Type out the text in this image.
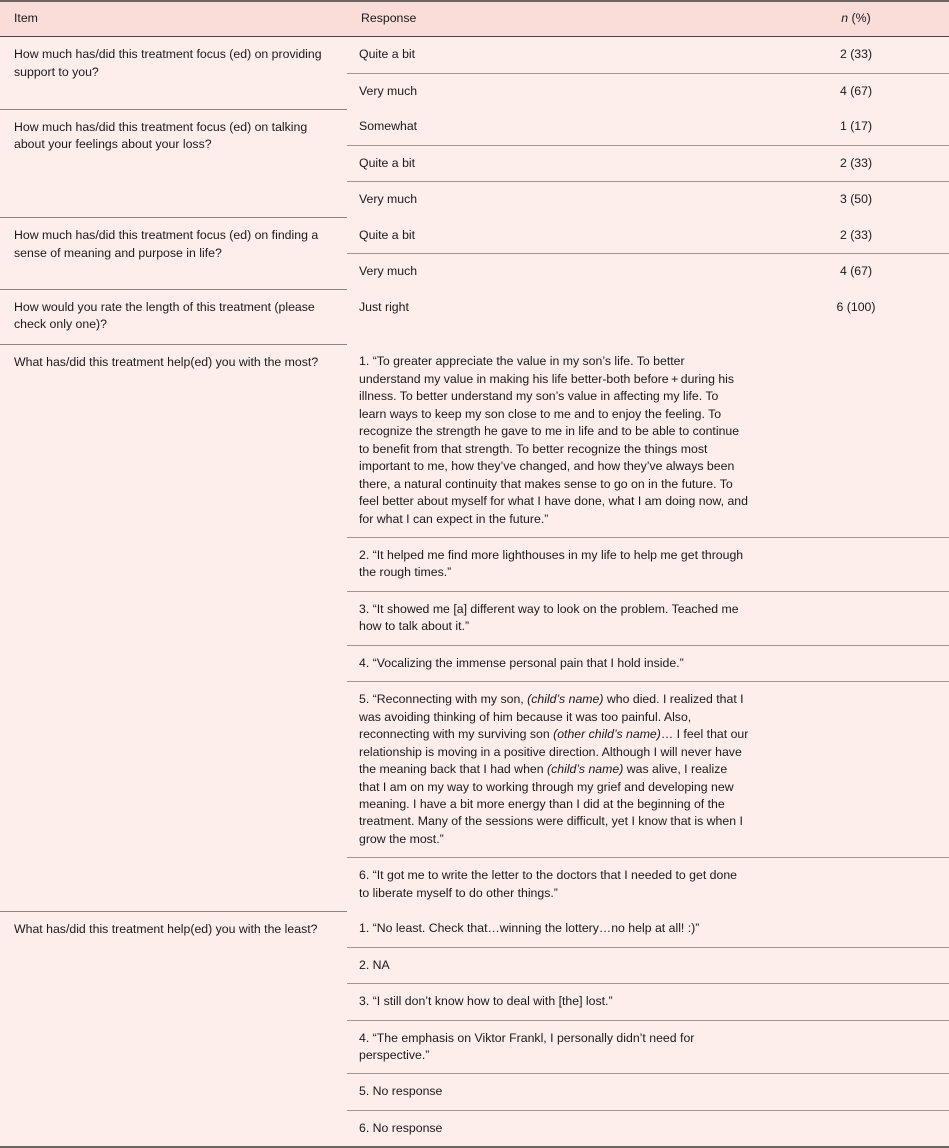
Item	Response	n (%)
How much has/did this treatment focus (ed) on providing support to you?	Quite a bit	2 (33)
	Very much	4 (67)
How much has/did this treatment focus (ed) on talking about your feelings about your loss?	Somewhat	1 (17)
	Quite a bit	2 (33)
	Very much	3 (50)
How much has/did this treatment focus (ed) on finding a sense of meaning and purpose in life?	Quite a bit	2 (33)
	Very much	4 (67)
How would you rate the length of this treatment (please check only one)?	Just right	6 (100)
What has/did this treatment help(ed) you with the most?	1. “To greater appreciate the value in my son’s life. To better understand my value in making his life better-both before + during his illness. To better understand my son’s value in affecting my life. To learn ways to keep my son close to me and to enjoy the feeling. To recognize the strength he gave to me in life and to be able to continue to benefit from that strength. To better recognize the things most important to me, how they’ve changed, and how they’ve always been there, a natural continuity that makes sense to go on in the future. To feel better about myself for what I have done, what I am doing now, and for what I can expect in the future.”	

	2. “It helped me find more lighthouses in my life to help me get through the rough times.”	

	3. “It showed me [a] different way to look on the problem. Teached me how to talk about it.”	

	4. “Vocalizing the immense personal pain that I hold inside.”	

	5. “Reconnecting with my son, (child’s name) who died. I realized that I was avoiding thinking of him because it was too painful. Also, reconnecting with my surviving son (other child’s name)… I feel that our relationship is moving in a positive direction. Although I will never have the meaning back that I had when (child’s name) was alive, I realize that I am on my way to working through my grief and developing new meaning. I have a bit more energy than I did at the beginning of the treatment. Many of the sessions were difficult, yet I know that is when I grow the most.”	

	6. “It got me to write the letter to the doctors that I needed to get done to liberate myself to do other things.”	

What has/did this treatment help(ed) you with the least?	1. “No least. Check that…winning the lottery…no help at all! :)”	

	2. NA	

	3. “I still don’t know how to deal with [the] lost.”	

	4. “The emphasis on Viktor Frankl, I personally didn’t need for perspective.”	

	5. No response	

	6. No response	
